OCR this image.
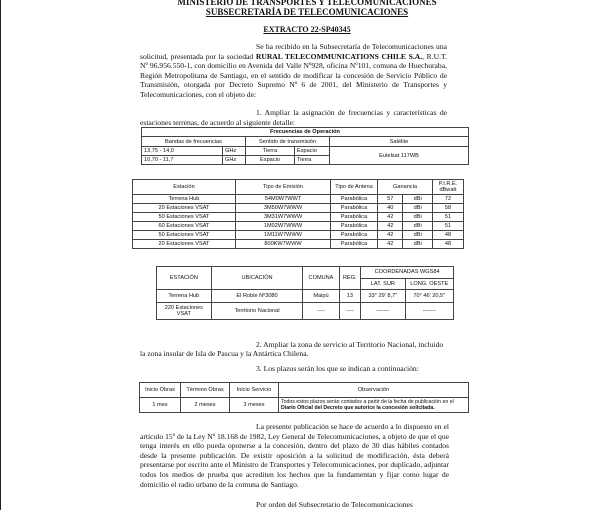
MINISTERIO DE TRANSPORTES Y TELECOMUNICACIONES
SUBSECRETARÍA DE TELECOMUNICACIONES
EXTRACTO 22-SP40345
Se ha recibido en la Subsecretaría de Telecomunicaciones una solicitud, presentada por la sociedad RURAL TELECOMMUNICATIONS CHILE S.A., R.U.T. Nº 96.956.550-1, con domicilio en Avenida del Valle Nº928, oficina Nº101, comuna de Huechuraba, Región Metropolitana de Santiago, en el sentido de modificar la concesión de Servicio Público de Transmisión, otorgada por Decreto Supremo Nº 6 de 2001, del Ministerio de Transportes y Telecomunicaciones, con el objeto de:
1. Ampliar la asignación de frecuencias y características de estaciones terrenas, de acuerdo al siguiente detalle:
Frecuencias de Operación				
Bandas de frecuencias		Sentido de transmisión		Satélite
13,75 - 14,0	GHz	Tierra	Espacio	Eutelsat 117WB
10,70 - 11,7	GHz	Espacio	Tierra	
Estación	Tipo de Emisión	Tipo de Antena	Ganancia		P.I.R.E. dBwatt
Terrena Hub	54M0W7WWT	Parabólica	57	dBi	72
20 Estaciones VSAT	3M50W7WWW	Parabólica	40	dBi	58
50 Estaciones VSAT	3M31W7WWW	Parabólica	42	dBi	51
60 Estaciones VSAT	1M02W7WWW	Parabólica	42	dBi	51
50 Estaciones VSAT	1M11W7WWW	Parabólica	42	dBi	48
20 Estaciones VSAT	800KW7WWW	Parabólica	42	dBi	48
ESTACIÓN	UBICACIÓN	COMUNA	REG.	COORDENADAS WGS84	
				LAT. SUR	LONG. OESTE
Terrena Hub	El Roble Nº3080	Maipú	13	33° 29' 8,7"	70° 46' 20,5"
220 Estaciones VSAT	Territorio Nacional	----	----	-------	-------
2. Ampliar la zona de servicio al Territorio Nacional, incluido
la zona insular de Isla de Pascua y la Antártica Chilena.
3. Los plazos serán los que se indican a continuación:
Inicio Obras	Término Obras	Inicio Servicio	Observación
1 mes	2 meses	3 meses	Todos estos plazos serán contados a partir de la fecha de publicación en el Diario Oficial del Decreto que autorice la concesión solicitada.
La presente publicación se hace de acuerdo a lo dispuesto en el artículo 15º de la Ley Nº 18.168 de 1982, Ley General de Telecomunicaciones, a objeto de que el que tenga interés en ello pueda oponerse a la concesión, dentro del plazo de 30 días hábiles contados desde la presente publicación. De existir oposición a la solicitud de modificación, ésta deberá presentarse por escrito ante el Ministro de Transportes y Telecomunicaciones, por duplicado, adjuntar todos los medios de prueba que acrediten los hechos que la fundamentan y fijar como lugar de domicilio el radio urbano de la comuna de Santiago.
Por orden del Subsecretario de Telecomunicaciones
